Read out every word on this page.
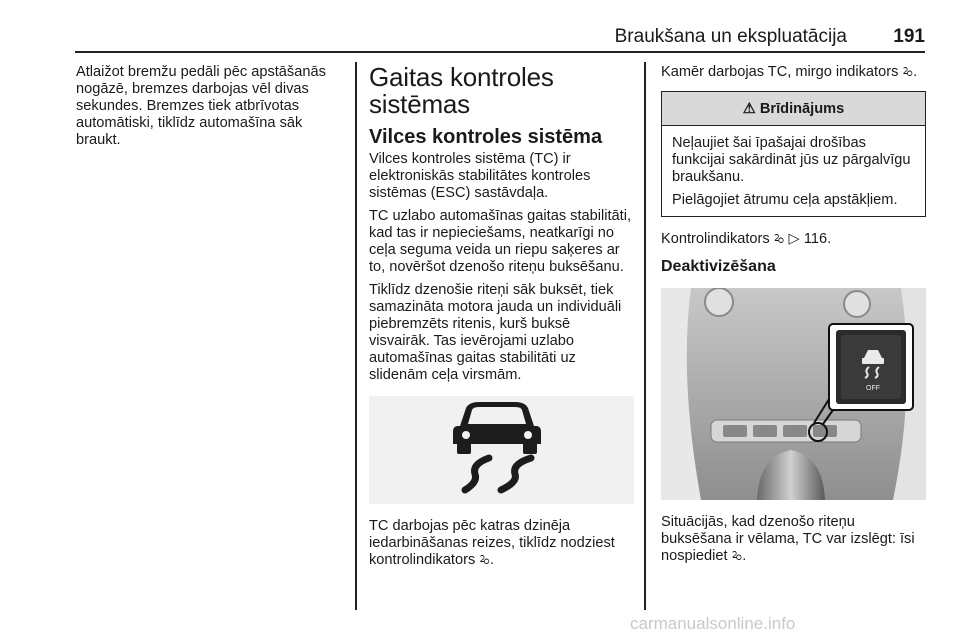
Braukšana un ekspluatācija 191

Atlaižot bremžu pedāli pēc apstāšanās nogāzē, bremzes darbojas vēl divas sekundes. Bremzes tiek atbrīvotas automātiski, tiklīdz automašīna sāk braukt.

Gaitas kontroles sistēmas
Vilces kontroles sistēma

Vilces kontroles sistēma (TC) ir elektroniskās stabilitātes kontroles sistēmas (ESC) sastāvdaļa.

TC uzlabo automašīnas gaitas stabilitāti, kad tas ir nepieciešams, neatkarīgi no ceļa seguma veida un riepu saķeres ar to, novēršot dzenošo riteņu buksēšanu.

Tiklīdz dzenošie riteņi sāk buksēt, tiek samazināta motora jauda un individuāli piebremzēts ritenis, kurš buksē visvairāk. Tas ievērojami uzlabo automašīnas gaitas stabilitāti uz slidenām ceļa virsmām.

TC darbojas pēc katras dzinēja iedarbināšanas reizes, tiklīdz nodziest kontrolindikators ꕫ.

Kamēr darbojas TC, mirgo indikators ꕫ.

⚠ Brīdinājums

Neļaujiet šai īpašajai drošības funkcijai sakārdināt jūs uz pārgalvīgu braukšanu.

Pielāgojiet ātrumu ceļa apstākļiem.

Kontrolindikators ꕫ ▷ 116.

Deaktivizēšana
OFF

Situācijās, kad dzenošo riteņu buksēšana ir vēlama, TC var izslēgt: īsi nospiediet ꕫ.

carmanualsonline.info
